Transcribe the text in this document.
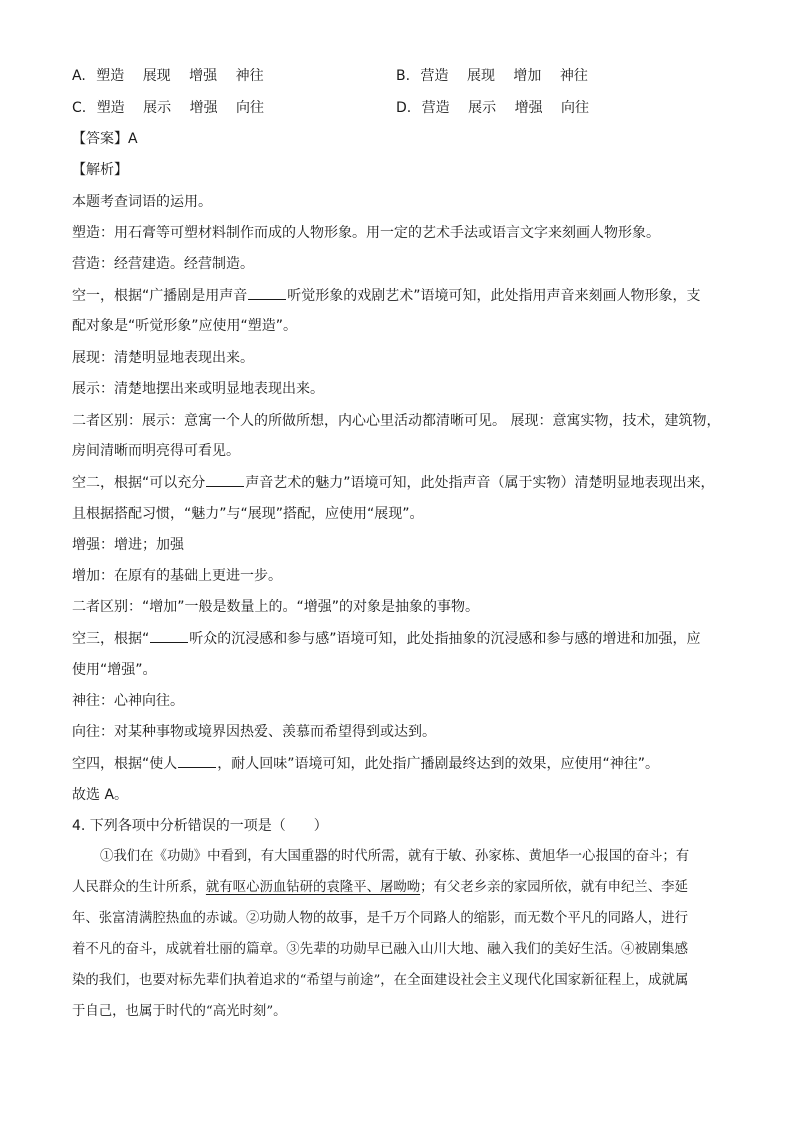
A. 塑造 展现 增强 神往	B. 营造 展现 增加 神往
C. 塑造 展示 增强 向往	D. 营造 展示 增强 向往
【答案】A
【解析】
本题考查词语的运用。
塑造：用石膏等可塑材料制作而成的人物形象。用一定的艺术手法或语言文字来刻画人物形象。
营造：经营建造。经营制造。
空一，根据“广播剧是用声音	听觉形象的戏剧艺术”语境可知，此处指用声音来刻画人物形象，支
配对象是“听觉形象”应使用“塑造”。
展现：清楚明显地表现出来。
展示：清楚地摆出来或明显地表现出来。
二者区别：展示：意寓一个人的所做所想，内心心里活动都清晰可见。 展现：意寓实物，技术，建筑物，
房间清晰而明亮得可看见。
空二，根据“可以充分	声音艺术的魅力”语境可知，此处指声音（属于实物）清楚明显地表现出来，
且根据搭配习惯，“魅力”与“展现”搭配，应使用“展现”。
增强：增进；加强
增加：在原有的基础上更进一步。
二者区别：“增加”一般是数量上的。“增强”的对象是抽象的事物。
空三，根据“	听众的沉浸感和参与感”语境可知，此处指抽象的沉浸感和参与感的增进和加强，应
使用“增强”。
神往：心神向往。
向往：对某种事物或境界因热爱、羡慕而希望得到或达到。
空四，根据“使人	，耐人回味”语境可知，此处指广播剧最终达到的效果，应使用“神往”。
故选 A。
4. 下列各项中分析错误的一项是（　　）
①我们在《功勋》中看到，有大国重器的时代所需，就有于敏、孙家栋、黄旭华一心报国的奋斗；有
人民群众的生计所系，就有呕心沥血钻研的袁隆平、屠呦呦；有父老乡亲的家园所依，就有申纪兰、李延
年、张富清满腔热血的赤诚。②功勋人物的故事，是千万个同路人的缩影，而无数个平凡的同路人，进行
着不凡的奋斗，成就着壮丽的篇章。③先辈的功勋早已融入山川大地、融入我们的美好生活。④被剧集感
染的我们，也要对标先辈们执着追求的“希望与前途”，在全面建设社会主义现代化国家新征程上，成就属
于自己，也属于时代的“高光时刻”。
